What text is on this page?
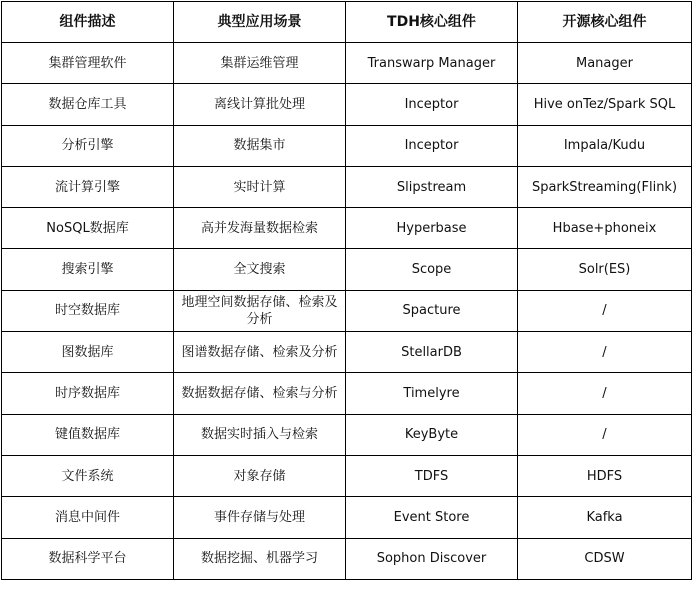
组件描述	典型应用场景	TDH核心组件	开源核心组件
集群管理软件	集群运维管理	Transwarp Manager	Manager
数据仓库工具	离线计算批处理	Inceptor	Hive onTez/Spark SQL
分析引擎	数据集市	Inceptor	Impala/Kudu
流计算引擎	实时计算	Slipstream	SparkStreaming(Flink)
NoSQL数据库	高并发海量数据检索	Hyperbase	Hbase+phoneix
搜索引擎	全文搜索	Scope	Solr(ES)
时空数据库	地理空间数据存储、检索及分析	Spacture	/
图数据库	图谱数据存储、检索及分析	StellarDB	/
时序数据库	数据数据存储、检索与分析	Timelyre	/
键值数据库	数据实时插入与检索	KeyByte	/
文件系统	对象存储	TDFS	HDFS
消息中间件	事件存储与处理	Event Store	Kafka
数据科学平台	数据挖掘、机器学习	Sophon Discover	CDSW
